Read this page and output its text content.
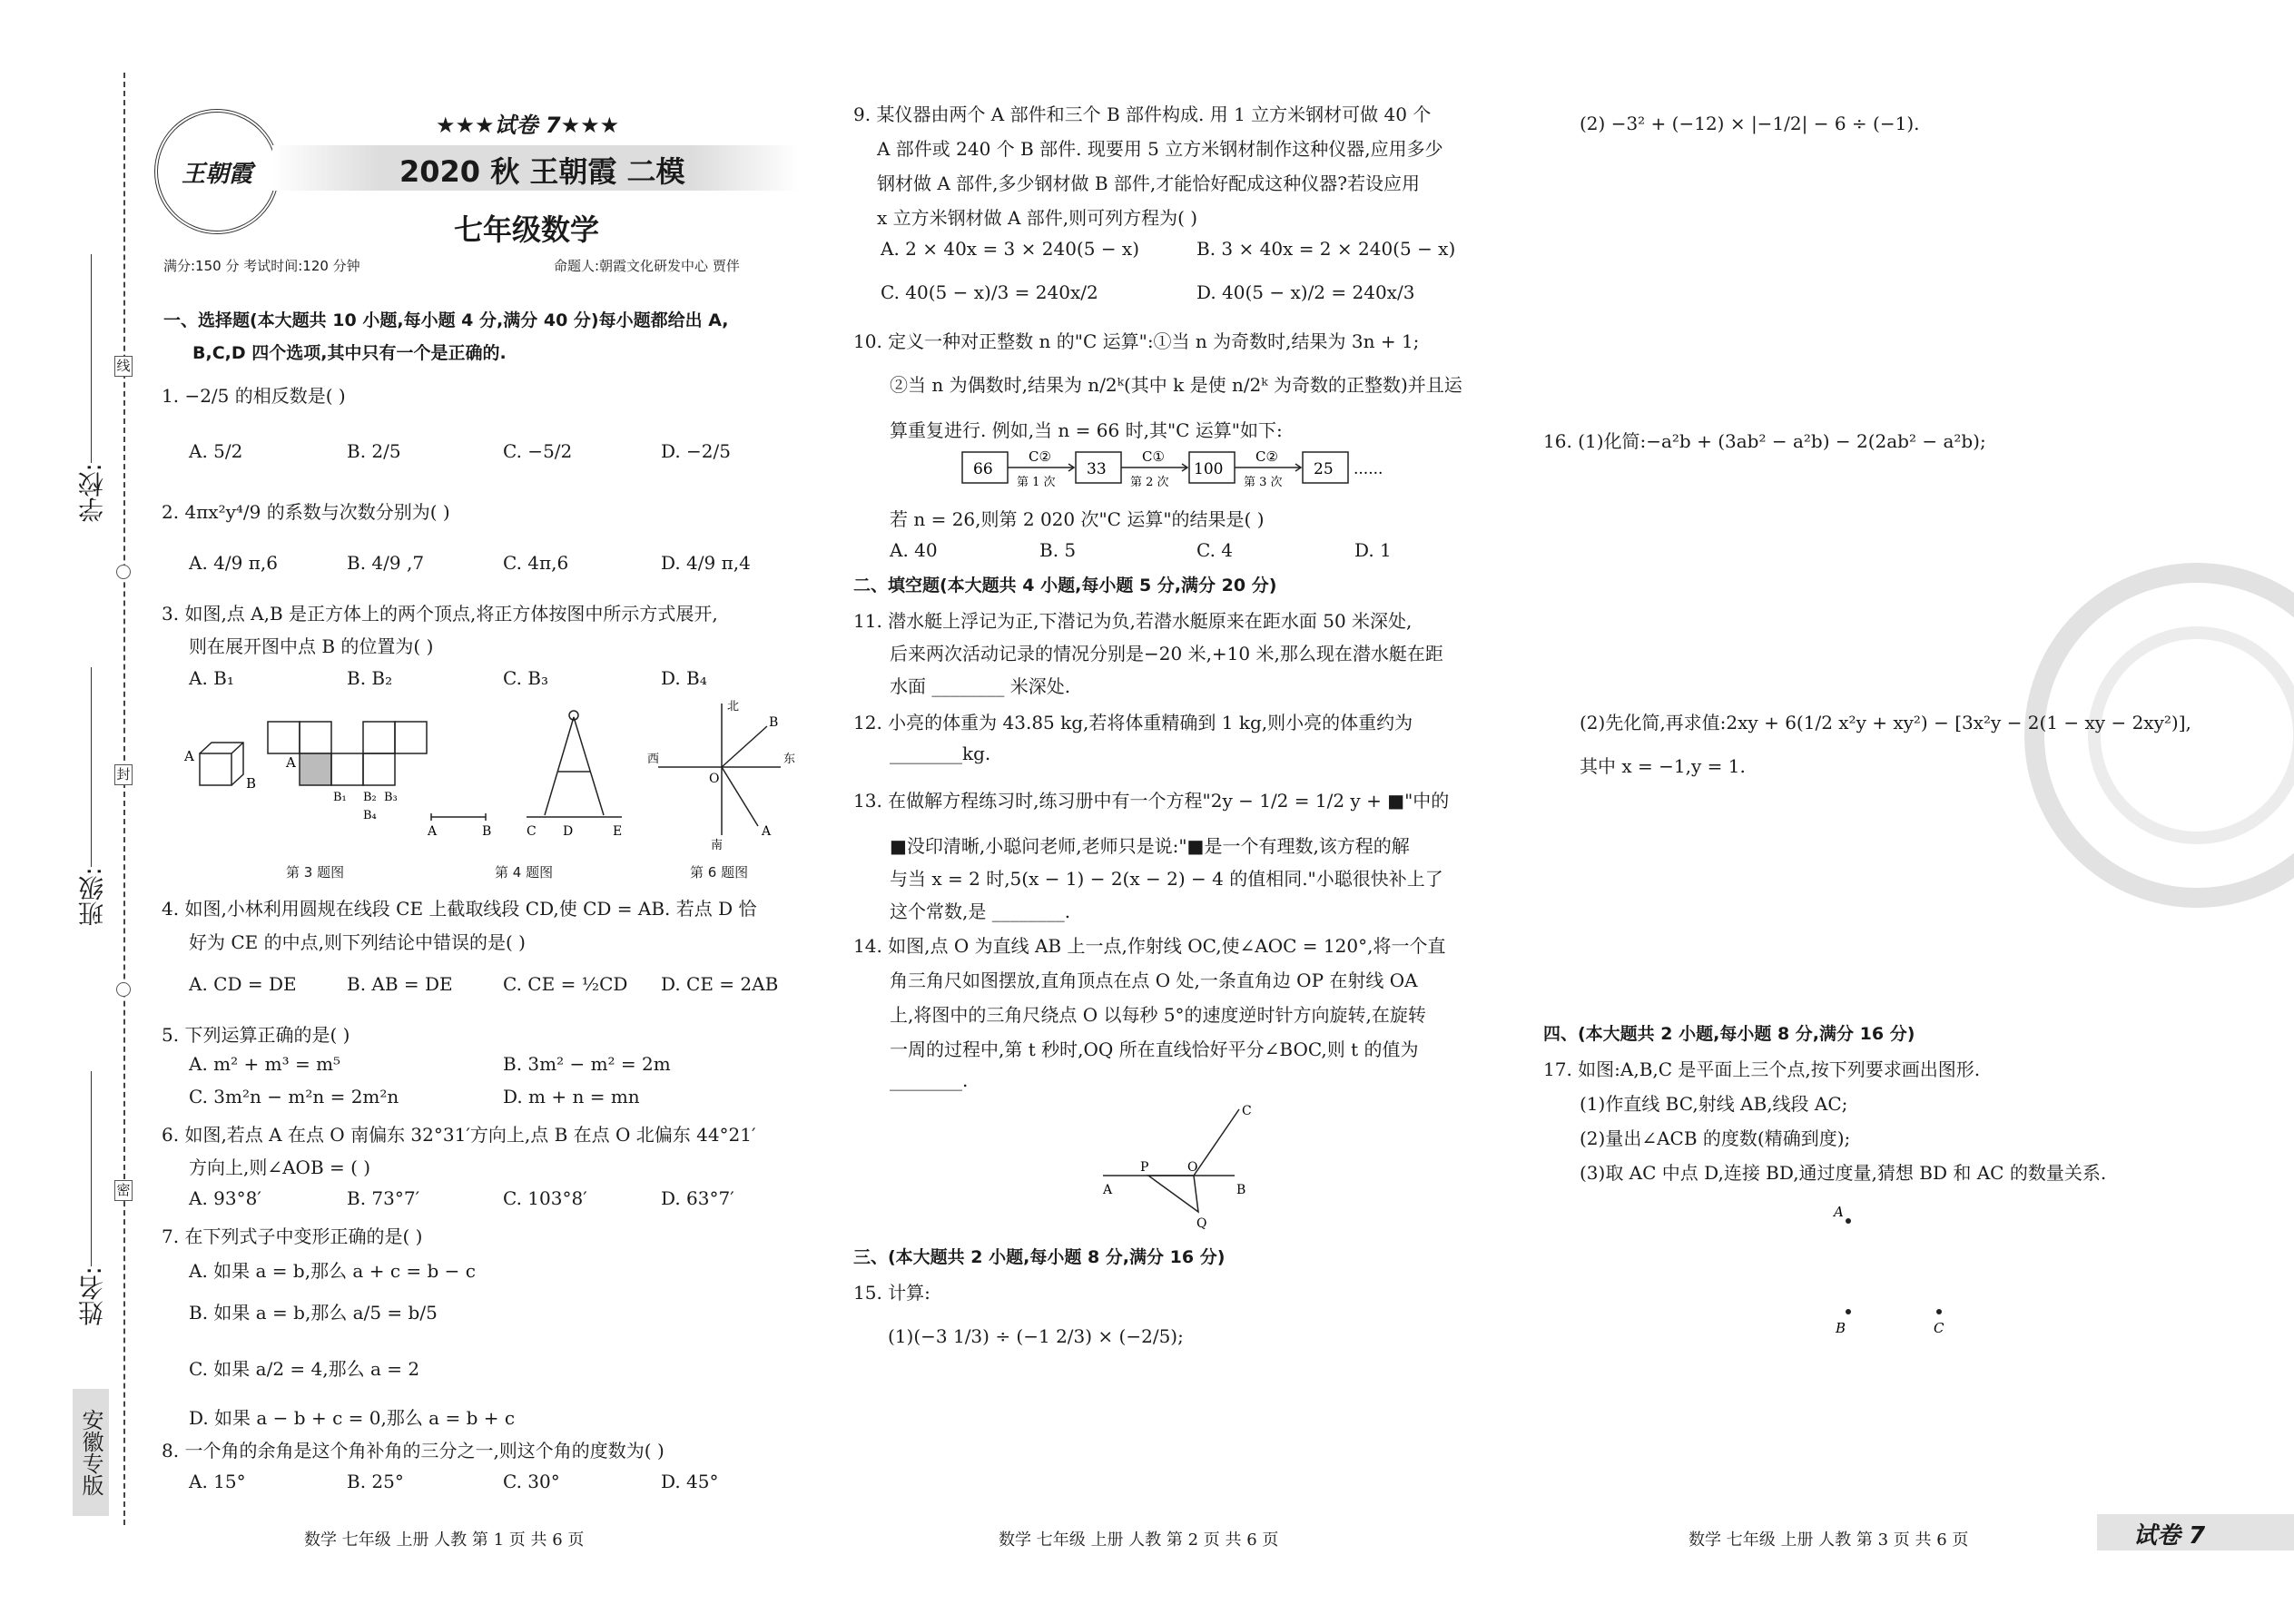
线
封
密
学校:
班级:
姓名:
安徽专版
王朝霞
★★★试卷 7★★★
2020 秋 王朝霞 二模
七年级数学
满分:150 分 考试时间:120 分钟	命题人:朝霞文化研发中心 贾伴
一、选择题(本大题共 10 小题,每小题 4 分,满分 40 分)每小题都给出 A,
B,C,D 四个选项,其中只有一个是正确的.
1. −2/5 的相反数是( )
A. 5/2	B. 2/5	C. −5/2	D. −2/5
2. 4πx²y⁴/9 的系数与次数分别为( )
A. 4/9 π,6	B. 4/9 ,7	C. 4π,6	D. 4/9 π,4
3. 如图,点 A,B 是正方体上的两个顶点,将正方体按图中所示方式展开,
则在展开图中点 B 的位置为( )
A. B₁	B. B₂	C. B₃	D. B₄
A
B
A
B₁ B₂ B₃
B₄
A	B	C D	E
北
南
西	东
O
A
B
第 3 题图	第 4 题图	第 6 题图
4. 如图,小林利用圆规在线段 CE 上截取线段 CD,使 CD = AB. 若点 D 恰
好为 CE 的中点,则下列结论中错误的是( )
A. CD = DE	B. AB = DE	C. CE = ½CD D. CE = 2AB
5. 下列运算正确的是( )
A. m² + m³ = m⁵	B. 3m² − m² = 2m
C. 3m²n − m²n = 2m²n	D. m + n = mn
6. 如图,若点 A 在点 O 南偏东 32°31′方向上,点 B 在点 O 北偏东 44°21′
方向上,则∠AOB = ( )
A. 93°8′	B. 73°7′	C. 103°8′	D. 63°7′
7. 在下列式子中变形正确的是( )
A. 如果 a = b,那么 a + c = b − c
B. 如果 a = b,那么 a/5 = b/5
C. 如果 a/2 = 4,那么 a = 2
D. 如果 a − b + c = 0,那么 a = b + c
8. 一个角的余角是这个角补角的三分之一,则这个角的度数为( )
A. 15°	B. 25°	C. 30°	D. 45°
数学 七年级 上册 人教 第 1 页 共 6 页
9. 某仪器由两个 A 部件和三个 B 部件构成. 用 1 立方米钢材可做 40 个
A 部件或 240 个 B 部件. 现要用 5 立方米钢材制作这种仪器,应用多少
钢材做 A 部件,多少钢材做 B 部件,才能恰好配成这种仪器?若设应用
x 立方米钢材做 A 部件,则可列方程为( )
A. 2 × 40x = 3 × 240(5 − x)	B. 3 × 40x = 2 × 240(5 − x)
C. 40(5 − x)/3 = 240x/2	D. 40(5 − x)/2 = 240x/3
10. 定义一种对正整数 n 的"C 运算":①当 n 为奇数时,结果为 3n + 1;
②当 n 为偶数时,结果为 n/2ᵏ(其中 k 是使 n/2ᵏ 为奇数的正整数)并且运
算重复进行. 例如,当 n = 66 时,其"C 运算"如下:
66	33	100	25
C②	C①	C②
第 1 次	第 2 次	第 3 次
......
若 n = 26,则第 2 020 次"C 运算"的结果是( )
A. 40	B. 5	C. 4	D. 1
二、填空题(本大题共 4 小题,每小题 5 分,满分 20 分)
11. 潜水艇上浮记为正,下潜记为负,若潜水艇原来在距水面 50 米深处,
后来两次活动记录的情况分别是−20 米,+10 米,那么现在潜水艇在距
水面 ________ 米深处.
12. 小亮的体重为 43.85 kg,若将体重精确到 1 kg,则小亮的体重约为
________kg.
13. 在做解方程练习时,练习册中有一个方程"2y − 1/2 = 1/2 y + ■"中的
■没印清晰,小聪问老师,老师只是说:"■是一个有理数,该方程的解
与当 x = 2 时,5(x − 1) − 2(x − 2) − 4 的值相同."小聪很快补上了
这个常数,是 ________.
14. 如图,点 O 为直线 AB 上一点,作射线 OC,使∠AOC = 120°,将一个直
角三角尺如图摆放,直角顶点在点 O 处,一条直角边 OP 在射线 OA
上,将图中的三角尺绕点 O 以每秒 5°的速度逆时针方向旋转,在旋转
一周的过程中,第 t 秒时,OQ 所在直线恰好平分∠BOC,则 t 的值为
________.
C
P	O
A	B
Q
三、(本大题共 2 小题,每小题 8 分,满分 16 分)
15. 计算:
(1)(−3 1/3) ÷ (−1 2/3) × (−2/5);
数学 七年级 上册 人教 第 2 页 共 6 页
(2) −3² + (−12) × |−1/2| − 6 ÷ (−1).
16. (1)化简:−a²b + (3ab² − a²b) − 2(2ab² − a²b);
(2)先化简,再求值:2xy + 6(1/2 x²y + xy²) − [3x²y − 2(1 − xy − 2xy²)],
其中 x = −1,y = 1.
四、(本大题共 2 小题,每小题 8 分,满分 16 分)
17. 如图:A,B,C 是平面上三个点,按下列要求画出图形.
(1)作直线 BC,射线 AB,线段 AC;
(2)量出∠ACB 的度数(精确到度);
(3)取 AC 中点 D,连接 BD,通过度量,猜想 BD 和 AC 的数量关系.
A
B	C
数学 七年级 上册 人教 第 3 页 共 6 页	试卷 7
